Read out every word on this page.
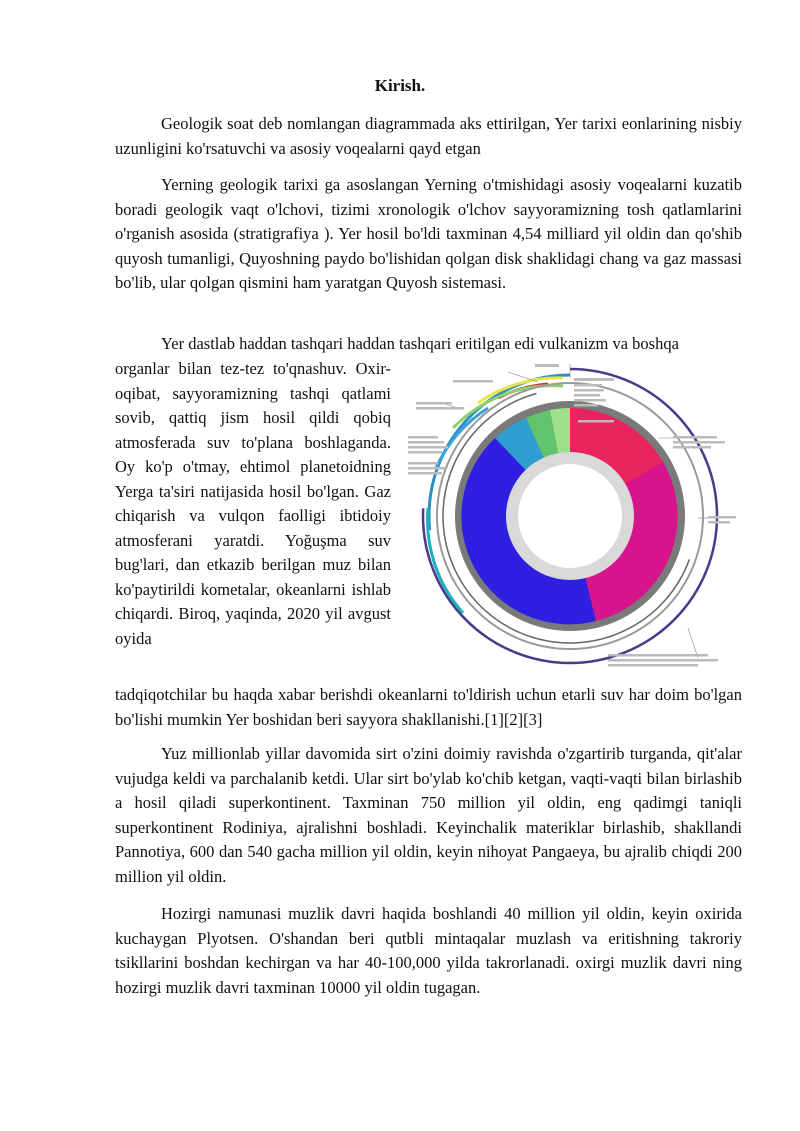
Kirish.

Geologik soat deb nomlangan diagrammada aks ettirilgan, Yer tarixi eonlarining nisbiy uzunligini ko'rsatuvchi va asosiy voqealarni qayd etgan

Yerning geologik tarixi ga asoslangan Yerning o'tmishidagi asosiy voqealarni kuzatib boradi geologik vaqt o'lchovi, tizimi xronologik o'lchov sayyoramizning tosh qatlamlarini o'rganish asosida (stratigrafiya ). Yer hosil bo'ldi taxminan 4,54 milliard yil oldin dan qo'shib quyosh tumanligi, Quyoshning paydo bo'lishidan qolgan disk shaklidagi chang va gaz massasi bo'lib, ular qolgan qismini ham yaratgan Quyosh sistemasi.

Yer dastlab haddan tashqari haddan tashqari eritilgan edi vulkanizm va boshqa

organlar bilan tez-tez to'qnashuv. Oxir-oqibat, sayyoramizning tashqi qatlami sovib, qattiq jism hosil qildi qobiq atmosferada suv to'plana boshlaganda. Oy ko'p o'tmay, ehtimol planetoidning Yerga ta'siri natijasida hosil bo'lgan. Gaz chiqarish va vulqon faolligi ibtidoiy atmosferani yaratdi. Yoğuşma suv bug'lari, dan etkazib berilgan muz bilan ko'paytirildi kometalar, okeanlarni ishlab chiqardi. Biroq, yaqinda, 2020 yil avgust oyida

tadqiqotchilar bu haqda xabar berishdi okeanlarni to'ldirish uchun etarli suv har doim bo'lgan bo'lishi mumkin Yer boshidan beri sayyora shakllanishi.[1][2][3]

Yuz millionlab yillar davomida sirt o'zini doimiy ravishda o'zgartirib turganda, qit'alar vujudga keldi va parchalanib ketdi. Ular sirt bo'ylab ko'chib ketgan, vaqti-vaqti bilan birlashib a hosil qiladi superkontinent. Taxminan 750 million yil oldin, eng qadimgi taniqli superkontinent Rodiniya, ajralishni boshladi. Keyinchalik materiklar birlashib, shakllandi Pannotiya, 600 dan 540 gacha million yil oldin, keyin nihoyat Pangaeya, bu ajralib chiqdi 200 million yil oldin.

Hozirgi namunasi muzlik davri haqida boshlandi 40 million yil oldin, keyin oxirida kuchaygan Plyotsen. O'shandan beri qutbli mintaqalar muzlash va eritishning takroriy tsikllarini boshdan kechirgan va har 40-100,000 yilda takrorlanadi. oxirgi muzlik davri ning hozirgi muzlik davri taxminan 10000 yil oldin tugagan.
